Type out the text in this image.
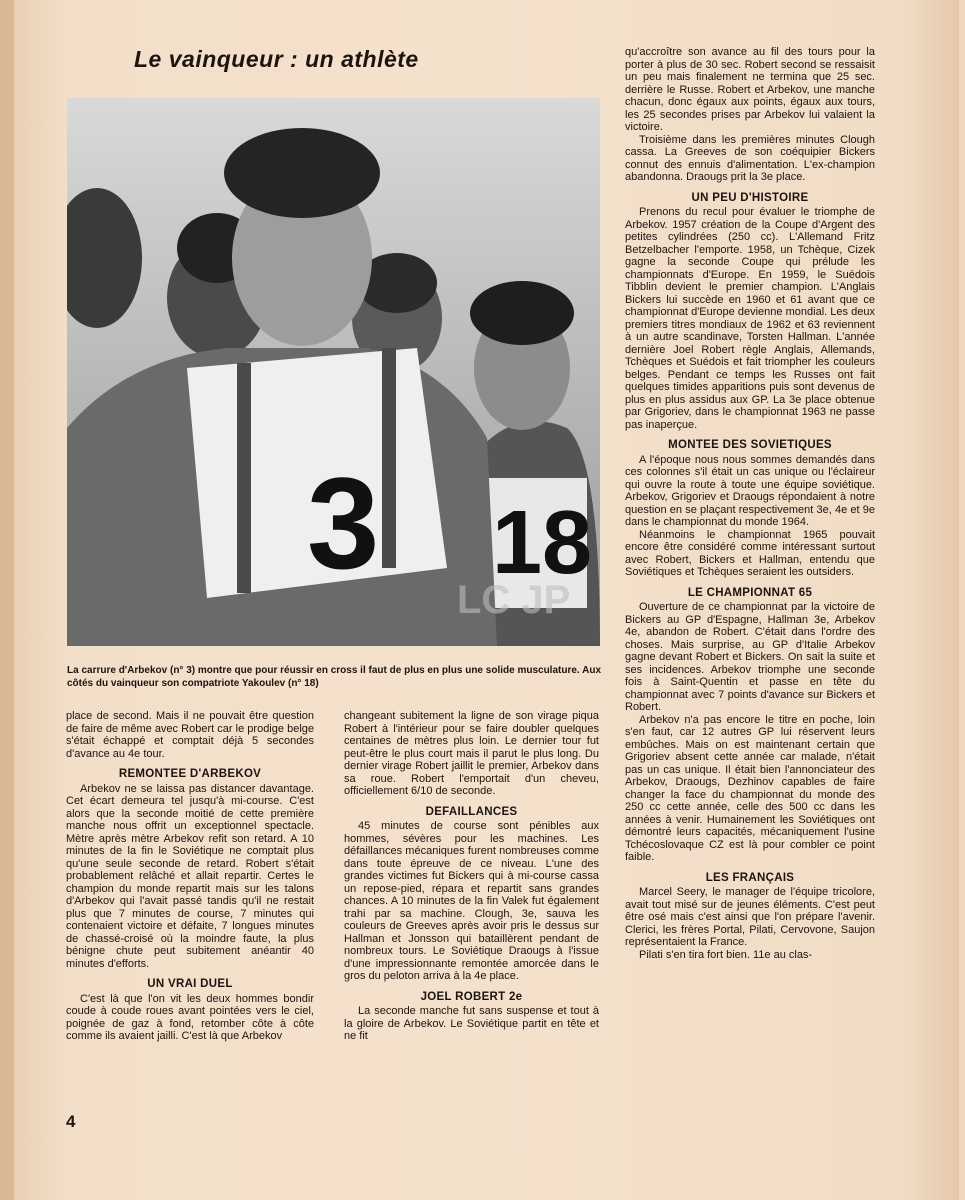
Le vainqueur : un athlète
3 18
LC JP
La carrure d'Arbekov (n° 3) montre que pour réussir en cross il faut de plus en plus une solide musculature. Aux côtés du vainqueur son compatriote Yakoulev (n° 18)

place de second. Mais il ne pouvait être question de faire de même avec Robert car le prodige belge s'était échappé et comptait déjà 5 secondes d'avance au 4e tour.

REMONTEE D'ARBEKOV

Arbekov ne se laissa pas distancer davantage. Cet écart demeura tel jusqu'à mi-course. C'est alors que la seconde moitié de cette première manche nous offrit un exceptionnel spectacle. Mètre après mètre Arbekov refit son retard. A 10 minutes de la fin le Soviétique ne comptait plus qu'une seule seconde de retard. Robert s'était probablement relâché et allait repartir. Certes le champion du monde repartit mais sur les talons d'Arbekov qui l'avait passé tandis qu'il ne restait plus que 7 minutes de course, 7 minutes qui contenaient victoire et défaite, 7 longues minutes de chassé-croisé où la moindre faute, la plus bénigne chute peut subitement anéantir 40 minutes d'efforts.

UN VRAI DUEL

C'est là que l'on vit les deux hommes bondir coude à coude roues avant pointées vers le ciel, poignée de gaz à fond, retomber côte à côte comme ils avaient jailli. C'est là que Arbekov

changeant subitement la ligne de son virage piqua Robert à l'intérieur pour se faire doubler quelques centaines de mètres plus loin. Le dernier tour fut peut-être le plus court mais il parut le plus long. Du dernier virage Robert jaillit le premier, Arbekov dans sa roue. Robert l'emportait d'un cheveu, officiellement 6/10 de seconde.

DEFAILLANCES

45 minutes de course sont pénibles aux hommes, sévères pour les machines. Les défaillances mécaniques furent nombreuses comme dans toute épreuve de ce niveau. L'une des grandes victimes fut Bickers qui à mi-course cassa un repose-pied, répara et repartit sans grandes chances. A 10 minutes de la fin Valek fut également trahi par sa machine. Clough, 3e, sauva les couleurs de Greeves après avoir pris le dessus sur Hallman et Jonsson qui bataillèrent pendant de nombreux tours. Le Soviétique Draougs à l'issue d'une impressionnante remontée amorcée dans le gros du peloton arriva à la 4e place.

JOEL ROBERT 2e

La seconde manche fut sans suspense et tout à la gloire de Arbekov. Le Soviétique partit en tête et ne fit

qu'accroître son avance au fil des tours pour la porter à plus de 30 sec. Robert second se ressaisit un peu mais finalement ne termina que 25 sec. derrière le Russe. Robert et Arbekov, une manche chacun, donc égaux aux points, égaux aux tours, les 25 secondes prises par Arbekov lui valaient la victoire.

Troisième dans les premières minutes Clough cassa. La Greeves de son coéquipier Bickers connut des ennuis d'alimentation. L'ex-champion abandonna. Draougs prit la 3e place.

UN PEU D'HISTOIRE

Prenons du recul pour évaluer le triomphe de Arbekov. 1957 création de la Coupe d'Argent des petites cylindrées (250 cc). L'Allemand Fritz Betzelbacher l'emporte. 1958, un Tchèque, Cizek gagne la seconde Coupe qui prélude les championnats d'Europe. En 1959, le Suédois Tibblin devient le premier champion. L'Anglais Bickers lui succède en 1960 et 61 avant que ce championnat d'Europe devienne mondial. Les deux premiers titres mondiaux de 1962 et 63 reviennent à un autre scandinave, Torsten Hallman. L'année dernière Joel Robert règle Anglais, Allemands, Tchèques et Suédois et fait triompher les couleurs belges. Pendant ce temps les Russes ont fait quelques timides apparitions puis sont devenus de plus en plus assidus aux GP. La 3e place obtenue par Grigoriev, dans le championnat 1963 ne passe pas inaperçue.

MONTEE DES SOVIETIQUES

A l'époque nous nous sommes demandés dans ces colonnes s'il était un cas unique ou l'éclaireur qui ouvre la route à toute une équipe soviétique. Arbekov, Grigoriev et Draougs répondaient à notre question en se plaçant respectivement 3e, 4e et 9e dans le championnat du monde 1964.

Néanmoins le championnat 1965 pouvait encore être considéré comme intéressant surtout avec Robert, Bickers et Hallman, entendu que Soviétiques et Tchèques seraient les outsiders.

LE CHAMPIONNAT 65

Ouverture de ce championnat par la victoire de Bickers au GP d'Espagne, Hallman 3e, Arbekov 4e, abandon de Robert. C'était dans l'ordre des choses. Mais surprise, au GP d'Italie Arbekov gagne devant Robert et Bickers. On sait la suite et ses incidences. Arbekov triomphe une seconde fois à Saint-Quentin et passe en tête du championnat avec 7 points d'avance sur Bickers et Robert.

Arbekov n'a pas encore le titre en poche, loin s'en faut, car 12 autres GP lui réservent leurs embûches. Mais on est maintenant certain que Grigoriev absent cette année car malade, n'était pas un cas unique. Il était bien l'annonciateur des Arbekov, Draougs, Dezhinov capables de faire changer la face du championnat du monde des 250 cc cette année, celle des 500 cc dans les années à venir. Humainement les Soviétiques ont démontré leurs capacités, mécaniquement l'usine Tchécoslovaque CZ est là pour combler ce point faible.

LES FRANÇAIS

Marcel Seery, le manager de l'équipe tricolore, avait tout misé sur de jeunes éléments. C'est peut être osé mais c'est ainsi que l'on prépare l'avenir. Clerici, les frères Portal, Pilati, Cervovone, Saujon représentaient la France.

Pilati s'en tira fort bien. 11e au clas-

4
